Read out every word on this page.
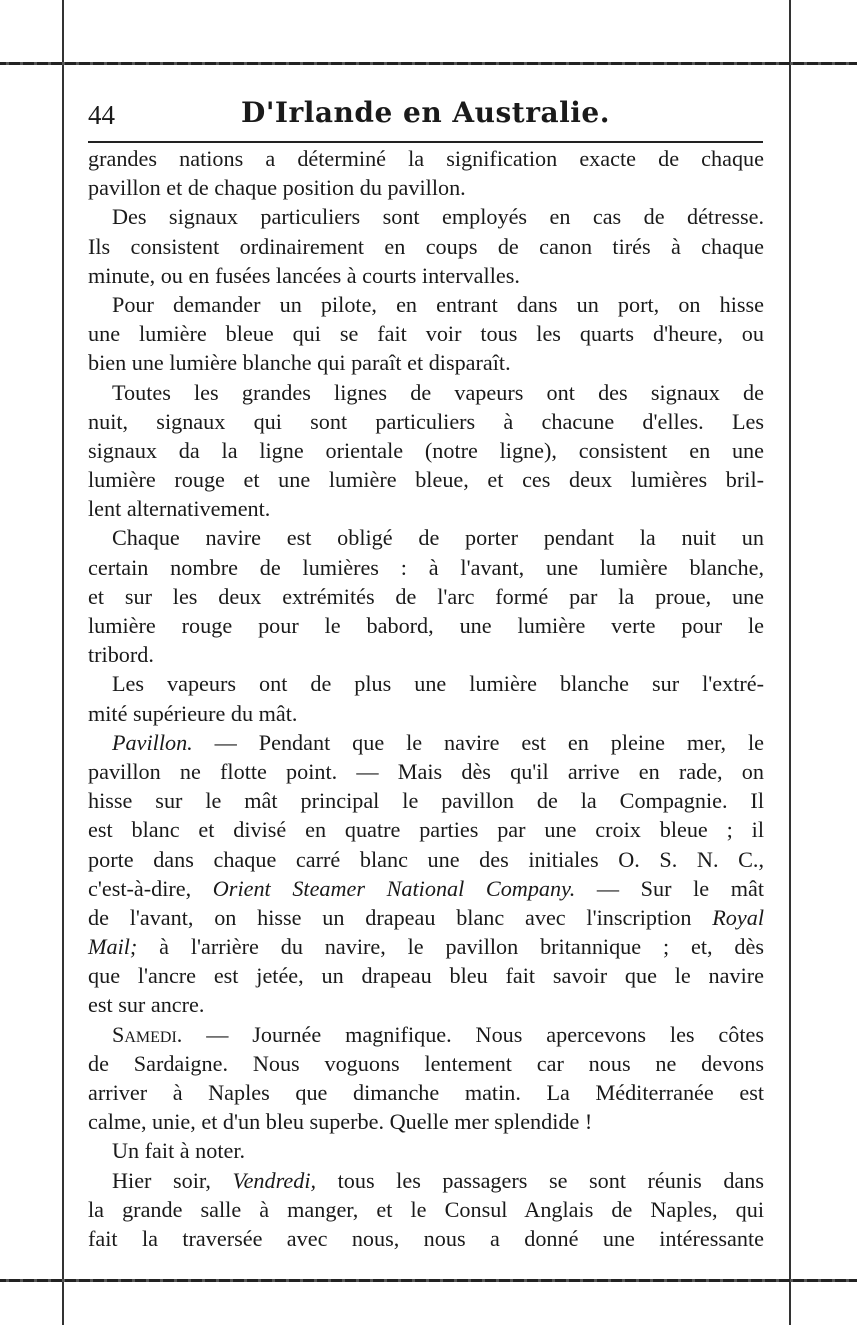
44	D'Irlande en Australie.
grandes nations a déterminé la signification exacte de chaque
pavillon et de chaque position du pavillon.
Des signaux particuliers sont employés en cas de détresse.
Ils consistent ordinairement en coups de canon tirés à chaque
minute, ou en fusées lancées à courts intervalles.
Pour demander un pilote, en entrant dans un port, on hisse
une lumière bleue qui se fait voir tous les quarts d'heure, ou
bien une lumière blanche qui paraît et disparaît.
Toutes les grandes lignes de vapeurs ont des signaux de
nuit, signaux qui sont particuliers à chacune d'elles. Les
signaux da la ligne orientale (notre ligne), consistent en une
lumière rouge et une lumière bleue, et ces deux lumières bril-
lent alternativement.
Chaque navire est obligé de porter pendant la nuit un
certain nombre de lumières : à l'avant, une lumière blanche,
et sur les deux extrémités de l'arc formé par la proue, une
lumière rouge pour le babord, une lumière verte pour le
tribord.
Les vapeurs ont de plus une lumière blanche sur l'extré-
mité supérieure du mât.
Pavillon. — Pendant que le navire est en pleine mer, le
pavillon ne flotte point. — Mais dès qu'il arrive en rade, on
hisse sur le mât principal le pavillon de la Compagnie. Il
est blanc et divisé en quatre parties par une croix bleue ; il
porte dans chaque carré blanc une des initiales O. S. N. C.,
c'est-à-dire, Orient Steamer National Company. — Sur le mât
de l'avant, on hisse un drapeau blanc avec l'inscription Royal
Mail; à l'arrière du navire, le pavillon britannique ; et, dès
que l'ancre est jetée, un drapeau bleu fait savoir que le navire
est sur ancre.
Samedi. — Journée magnifique. Nous apercevons les côtes
de Sardaigne. Nous voguons lentement car nous ne devons
arriver à Naples que dimanche matin. La Méditerranée est
calme, unie, et d'un bleu superbe. Quelle mer splendide !
Un fait à noter.
Hier soir, Vendredi, tous les passagers se sont réunis dans
la grande salle à manger, et le Consul Anglais de Naples, qui
fait la traversée avec nous, nous a donné une intéressante
